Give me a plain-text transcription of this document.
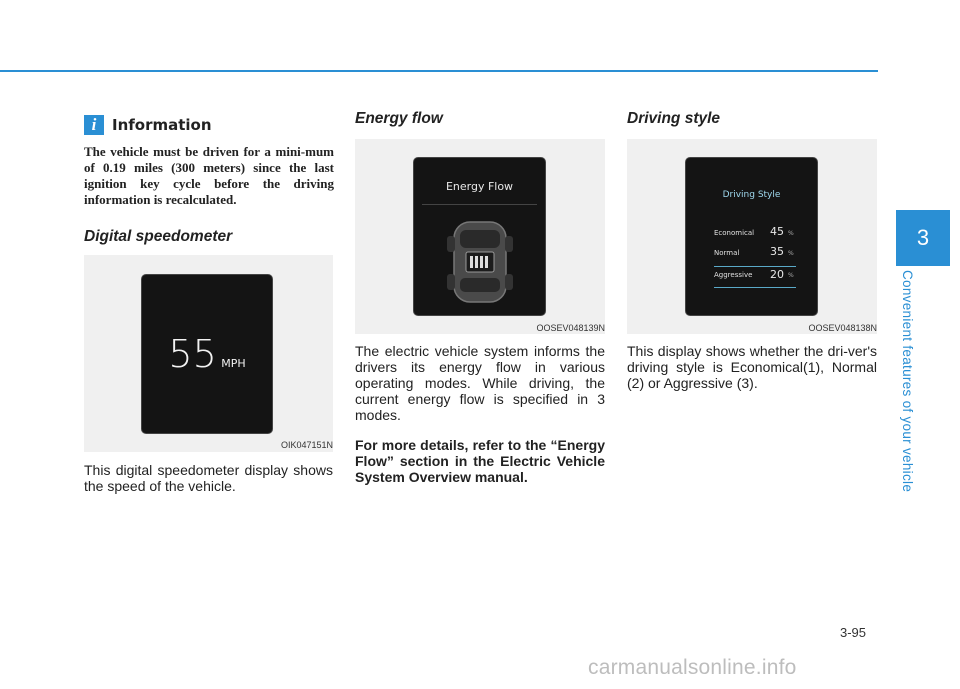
i	Information
The vehicle must be driven for a mini-mum of 0.19 miles (300 meters) since the last ignition key cycle before the driving information is recalculated.
Digital speedometer
55 MPH
OIK047151N
This digital speedometer display shows the speed of the vehicle.
Energy flow
Energy Flow
OOSEV048139N
The electric vehicle system informs the drivers its energy flow in various operating modes. While driving, the current energy flow is specified in 3 modes.
For more details, refer to the “Energy Flow” section in the Electric Vehicle System Overview manual.
Driving style
Driving Style
Economical 45 %
Normal	35 %
Aggressive 20 %
OOSEV048138N
This display shows whether the dri-ver's driving style is Economical(1), Normal (2) or Aggressive (3).
3
Convenient features of your vehicle
3-95
carmanualsonline.info
